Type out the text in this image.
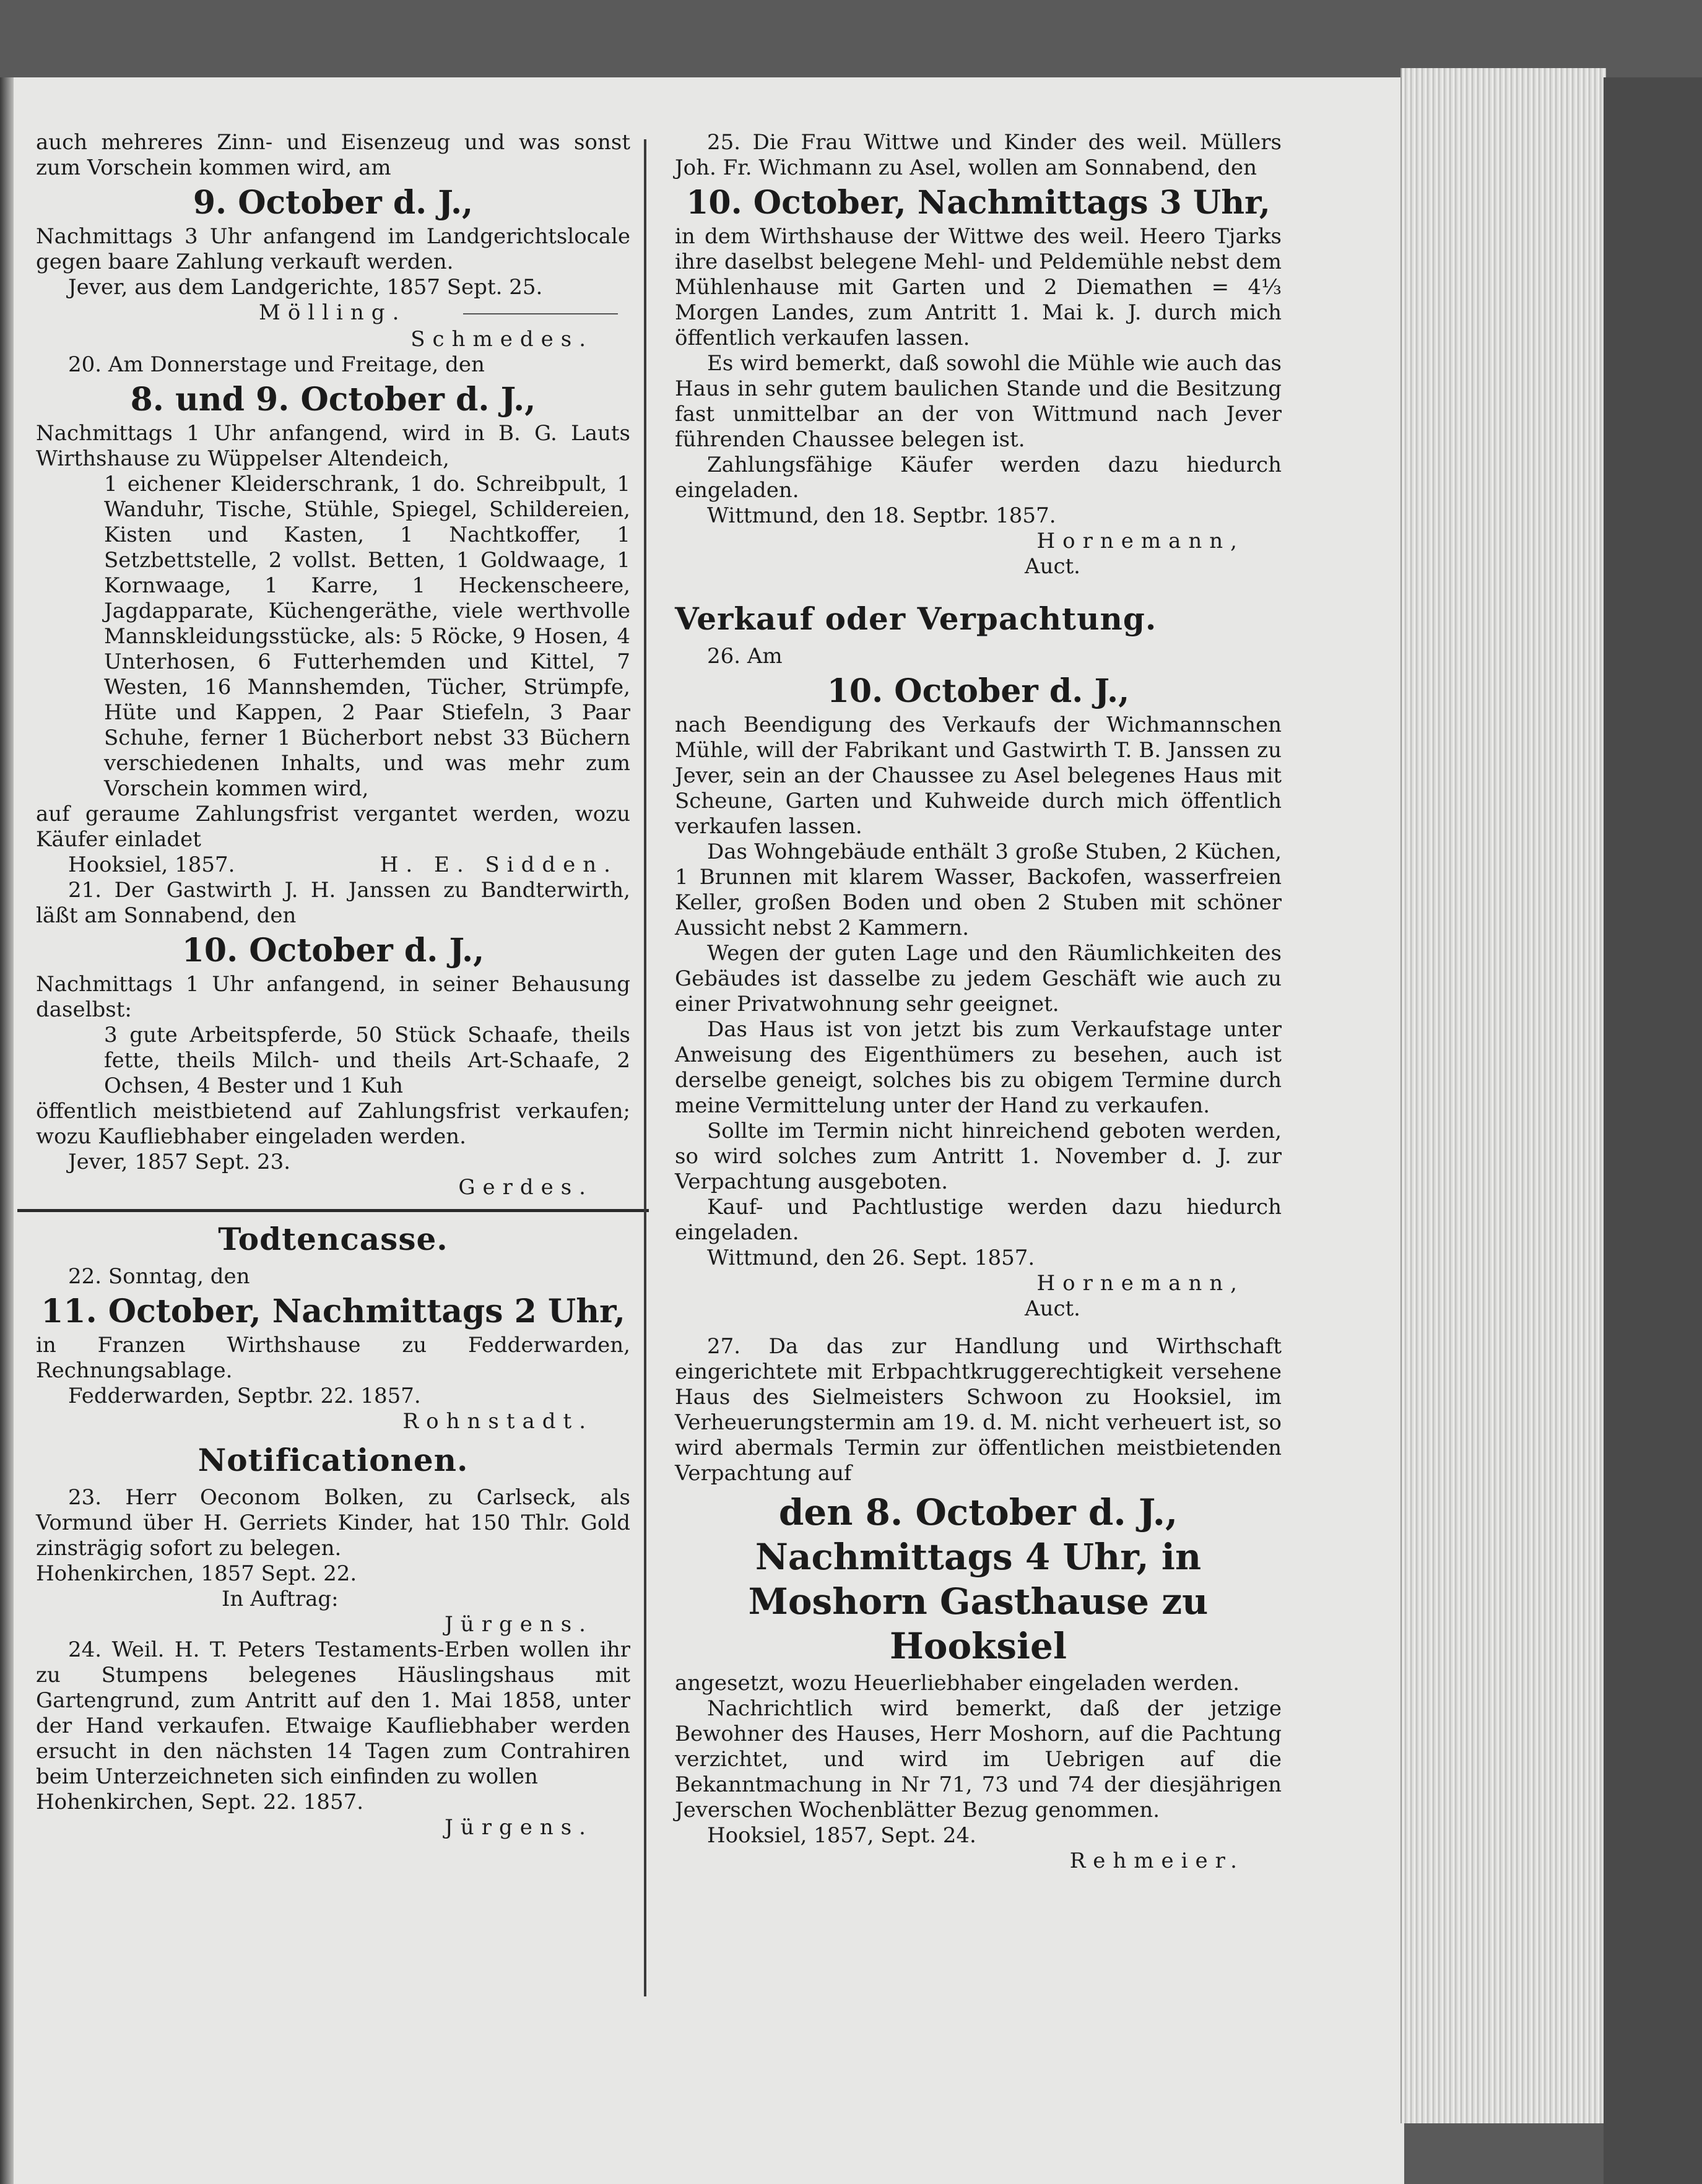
auch mehreres Zinn- und Eisenzeug und was sonst zum Vorschein kommen wird, am

9. October d. J.,

Nachmittags 3 Uhr anfangend im Landgerichtslocale gegen baare Zahlung verkauft werden.

Jever, aus dem Landgerichte, 1857 Sept. 25.

Mölling.

Schmedes.

20. Am Donnerstage und Freitage, den

8. und 9. October d. J.,

Nachmittags 1 Uhr anfangend, wird in B. G. Lauts Wirthshause zu Wüppelser Altendeich,

1 eichener Kleiderschrank, 1 do. Schreibpult, 1 Wanduhr, Tische, Stühle, Spiegel, Schildereien, Kisten und Kasten, 1 Nachtkoffer, 1 Setzbettstelle, 2 vollst. Betten, 1 Goldwaage, 1 Kornwaage, 1 Karre, 1 Heckenscheere, Jagdapparate, Küchengeräthe, viele werthvolle Mannskleidungsstücke, als: 5 Röcke, 9 Hosen, 4 Unterhosen, 6 Futterhemden und Kittel, 7 Westen, 16 Mannshemden, Tücher, Strümpfe, Hüte und Kappen, 2 Paar Stiefeln, 3 Paar Schuhe, ferner 1 Bücherbort nebst 33 Büchern verschiedenen Inhalts, und was mehr zum Vorschein kommen wird,

auf geraume Zahlungsfrist vergantet werden, wozu Käufer einladet

Hooksiel, 1857.	H. E. Sidden.

21. Der Gastwirth J. H. Janssen zu Bandterwirth, läßt am Sonnabend, den

10. October d. J.,

Nachmittags 1 Uhr anfangend, in seiner Behausung daselbst:

3 gute Arbeitspferde, 50 Stück Schaafe, theils fette, theils Milch- und theils Art-Schaafe, 2 Ochsen, 4 Bester und 1 Kuh

öffentlich meistbietend auf Zahlungsfrist verkaufen; wozu Kaufliebhaber eingeladen werden.

Jever, 1857 Sept. 23.

Gerdes.

Todtencasse.

22. Sonntag, den

11. October, Nachmittags 2 Uhr,

in Franzen Wirthshause zu Fedderwarden, Rechnungsablage.

Fedderwarden, Septbr. 22. 1857.

Rohnstadt.

Notificationen.

23. Herr Oeconom Bolken, zu Carlseck, als Vormund über H. Gerriets Kinder, hat 150 Thlr. Gold zinsträgig sofort zu belegen.

Hohenkirchen, 1857 Sept. 22.

In Auftrag:

Jürgens.

24. Weil. H. T. Peters Testaments-Erben wollen ihr zu Stumpens belegenes Häuslingshaus mit Gartengrund, zum Antritt auf den 1. Mai 1858, unter der Hand verkaufen. Etwaige Kaufliebhaber werden ersucht in den nächsten 14 Tagen zum Contrahiren beim Unterzeichneten sich einfinden zu wollen

Hohenkirchen, Sept. 22. 1857.

Jürgens.

25. Die Frau Wittwe und Kinder des weil. Müllers Joh. Fr. Wichmann zu Asel, wollen am Sonnabend, den

10. October, Nachmittags 3 Uhr,

in dem Wirthshause der Wittwe des weil. Heero Tjarks ihre daselbst belegene Mehl- und Peldemühle nebst dem Mühlenhause mit Garten und 2 Diemathen = 4⅓ Morgen Landes, zum Antritt 1. Mai k. J. durch mich öffentlich verkaufen lassen.

Es wird bemerkt, daß sowohl die Mühle wie auch das Haus in sehr gutem baulichen Stande und die Besitzung fast unmittelbar an der von Wittmund nach Jever führenden Chaussee belegen ist.

Zahlungsfähige Käufer werden dazu hiedurch eingeladen.

Wittmund, den 18. Septbr. 1857.

Hornemann,

Auct.

Verkauf oder Verpachtung.

26. Am

10. October d. J.,

nach Beendigung des Verkaufs der Wichmannschen Mühle, will der Fabrikant und Gastwirth T. B. Janssen zu Jever, sein an der Chaussee zu Asel belegenes Haus mit Scheune, Garten und Kuhweide durch mich öffentlich verkaufen lassen.

Das Wohngebäude enthält 3 große Stuben, 2 Küchen, 1 Brunnen mit klarem Wasser, Backofen, wasserfreien Keller, großen Boden und oben 2 Stuben mit schöner Aussicht nebst 2 Kammern.

Wegen der guten Lage und den Räumlichkeiten des Gebäudes ist dasselbe zu jedem Geschäft wie auch zu einer Privatwohnung sehr geeignet.

Das Haus ist von jetzt bis zum Verkaufstage unter Anweisung des Eigenthümers zu besehen, auch ist derselbe geneigt, solches bis zu obigem Termine durch meine Vermittelung unter der Hand zu verkaufen.

Sollte im Termin nicht hinreichend geboten werden, so wird solches zum Antritt 1. November d. J. zur Verpachtung ausgeboten.

Kauf- und Pachtlustige werden dazu hiedurch eingeladen.

Wittmund, den 26. Sept. 1857.

Hornemann,

Auct.

27. Da das zur Handlung und Wirthschaft eingerichtete mit Erbpachtkruggerechtigkeit versehene Haus des Sielmeisters Schwoon zu Hooksiel, im Verheuerungstermin am 19. d. M. nicht verheuert ist, so wird abermals Termin zur öffentlichen meistbietenden Verpachtung auf

den 8. October d. J., Nachmittags 4 Uhr, in Moshorn Gasthause zu Hooksiel

angesetzt, wozu Heuerliebhaber eingeladen werden.

Nachrichtlich wird bemerkt, daß der jetzige Bewohner des Hauses, Herr Moshorn, auf die Pachtung verzichtet, und wird im Uebrigen auf die Bekanntmachung in Nr 71, 73 und 74 der diesjährigen Jeverschen Wochenblätter Bezug genommen.

Hooksiel, 1857, Sept. 24.

Rehmeier.
